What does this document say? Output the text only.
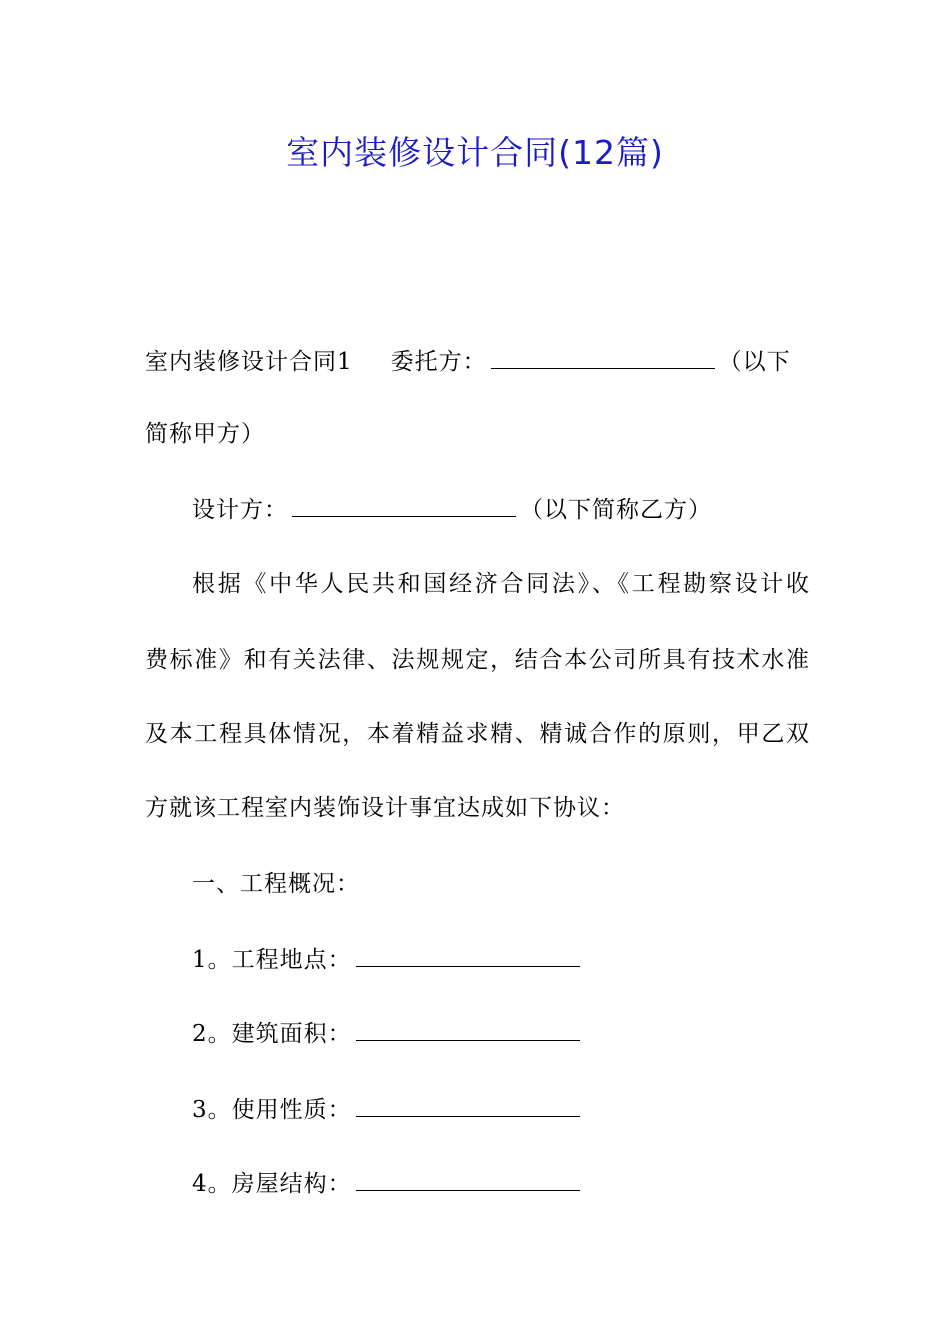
室内装修设计合同(12篇)
室内装修设计合同1 委托方：	（以下
简称甲方）
设计方：	（以下简称乙方）
根据《中华人民共和国经济合同法》、《工程勘察设计收
费标准》和有关法律、法规规定，结合本公司所具有技术水准
及本工程具体情况，本着精益求精、精诚合作的原则，甲乙双
方就该工程室内装饰设计事宜达成如下协议：
一、工程概况：
1。工程地点：
2。建筑面积：
3。使用性质：
4。房屋结构：
